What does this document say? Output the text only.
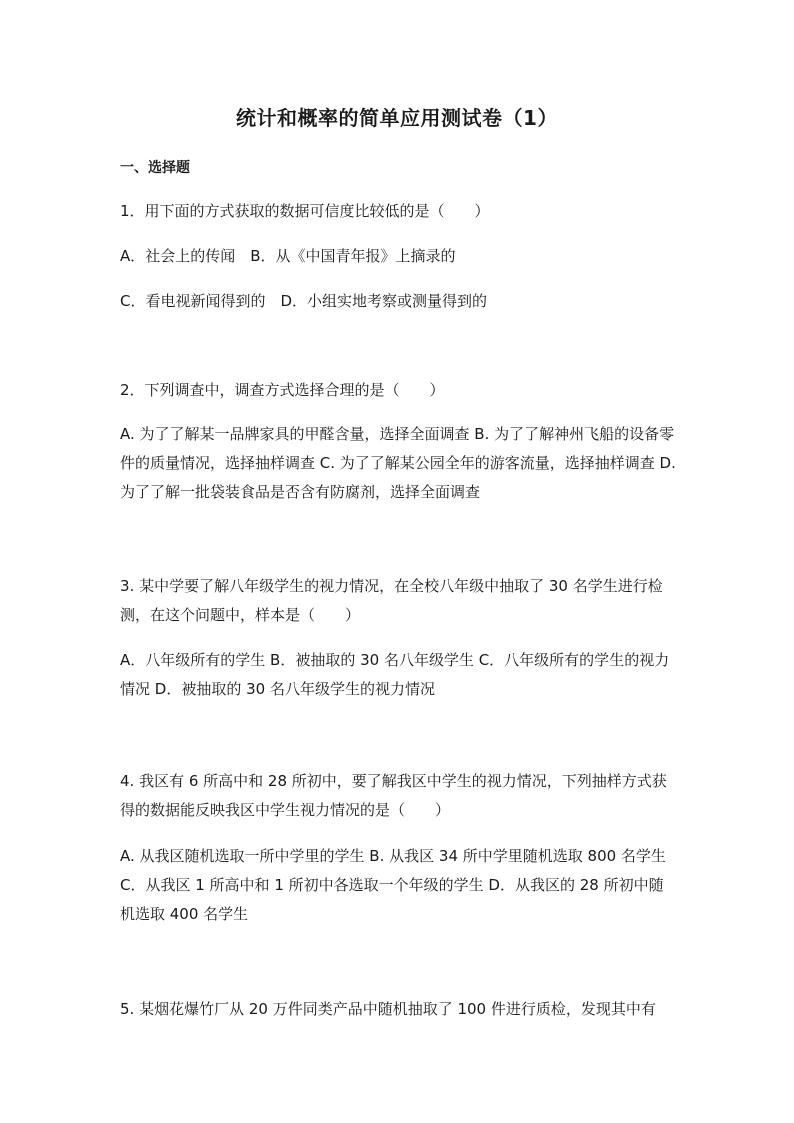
统计和概率的简单应用测试卷（1）
一、选择题
1．用下面的方式获取的数据可信度比较低的是（　　）
A．社会上的传闻　B．从《中国青年报》上摘录的
C．看电视新闻得到的　D．小组实地考察或测量得到的
2．下列调查中，调查方式选择合理的是（　　）
A. 为了了解某一品牌家具的甲醛含量，选择全面调查 B. 为了了解神州飞船的设备零件的质量情况，选择抽样调查 C. 为了了解某公园全年的游客流量，选择抽样调查 D. 为了了解一批袋装食品是否含有防腐剂，选择全面调查
3. 某中学要了解八年级学生的视力情况，在全校八年级中抽取了 30 名学生进行检测，在这个问题中，样本是（　　）
A．八年级所有的学生 B．被抽取的 30 名八年级学生 C．八年级所有的学生的视力情况 D．被抽取的 30 名八年级学生的视力情况
4. 我区有 6 所高中和 28 所初中，要了解我区中学生的视力情况，下列抽样方式获得的数据能反映我区中学生视力情况的是（　　）
A. 从我区随机选取一所中学里的学生 B. 从我区 34 所中学里随机选取 800 名学生 C．从我区 1 所高中和 1 所初中各选取一个年级的学生 D．从我区的 28 所初中随机选取 400 名学生
5. 某烟花爆竹厂从 20 万件同类产品中随机抽取了 100 件进行质检，发现其中有
